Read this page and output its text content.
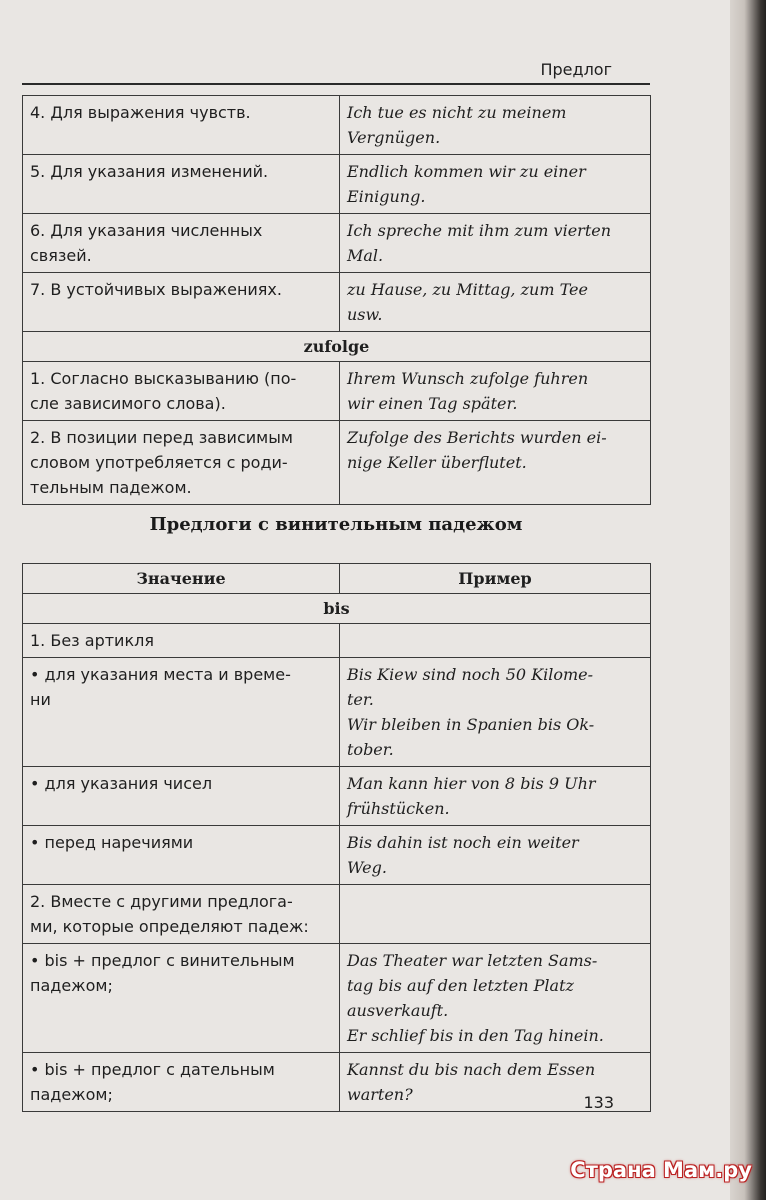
Предлог
4. Для выражения чувств.	Ich tue es nicht zu meinem
Vergnügen.

5. Для указания изменений.	Endlich kommen wir zu einer
Einigung.

6. Для указания численных
связей.	Ich spreche mit ihm zum vierten
Mal.

7. В устойчивых выражениях.	zu Hause, zu Mittag, zum Tee
usw.

zufolge	

1. Согласно высказыванию (по-
сле зависимого слова).	Ihrem Wunsch zufolge fuhren
wir einen Tag später.

2. В позиции перед зависимым
словом употребляется с роди-
тельным падежом.	Zufolge des Berichts wurden ei-
nige Keller überflutet.
Предлоги с винительным падежом
Значение	Пример
bis	

1. Без артикля	

• для указания места и време-
ни	Bis Kiew sind noch 50 Kilome-
ter.
Wir bleiben in Spanien bis Ok-
tober.

• для указания чисел	Man kann hier von 8 bis 9 Uhr
frühstücken.

• перед наречиями	Bis dahin ist noch ein weiter
Weg.

2. Вместе с другими предлога-
ми, которые определяют падеж:	

• bis + предлог с винительным
падежом;	Das Theater war letzten Sams-
tag bis auf den letzten Platz
ausverkauft.
Er schlief bis in den Tag hinein.

• bis + предлог с дательным
падежом;	Kannst du bis nach dem Essen
warten?	133
Страна Мам.ру
